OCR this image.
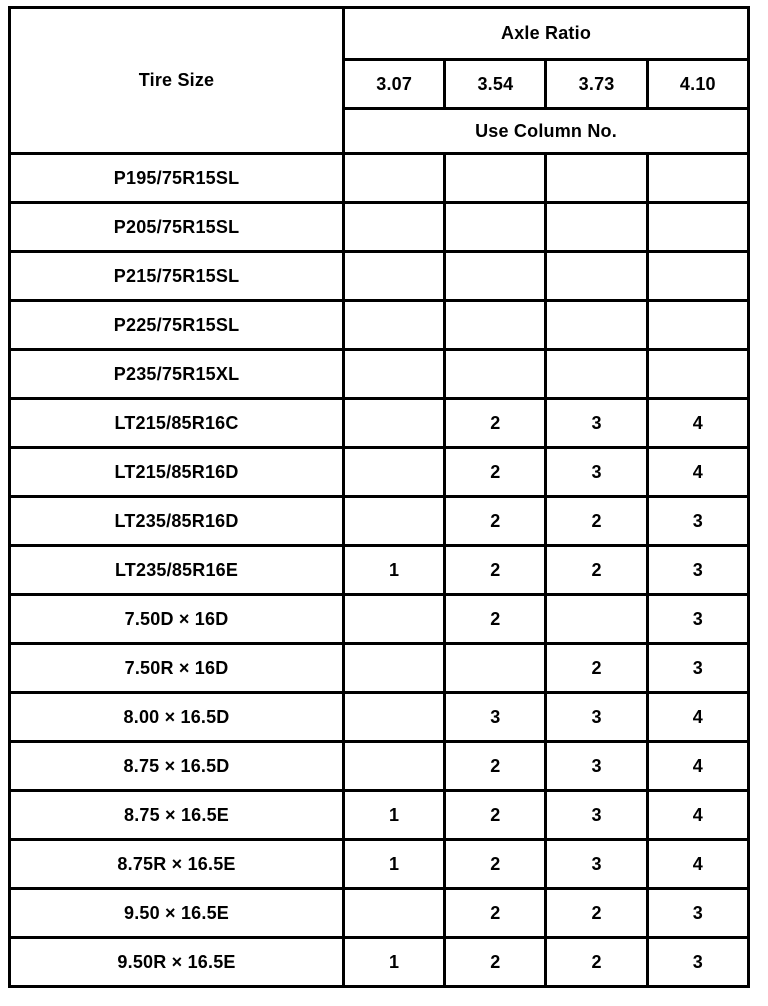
Tire Size	Axle Ratio			
	3.07	3.54	3.73	4.10
	Use Column No.			
P195/75R15SL				
P205/75R15SL				
P215/75R15SL				
P225/75R15SL				
P235/75R15XL				
LT215/85R16C		2	3	4
LT215/85R16D		2	3	4
LT235/85R16D		2	2	3
LT235/85R16E	1	2	2	3
7.50D × 16D		2		3
7.50R × 16D			2	3
8.00 × 16.5D		3	3	4
8.75 × 16.5D		2	3	4
8.75 × 16.5E	1	2	3	4
8.75R × 16.5E	1	2	3	4
9.50 × 16.5E		2	2	3
9.50R × 16.5E	1	2	2	3
